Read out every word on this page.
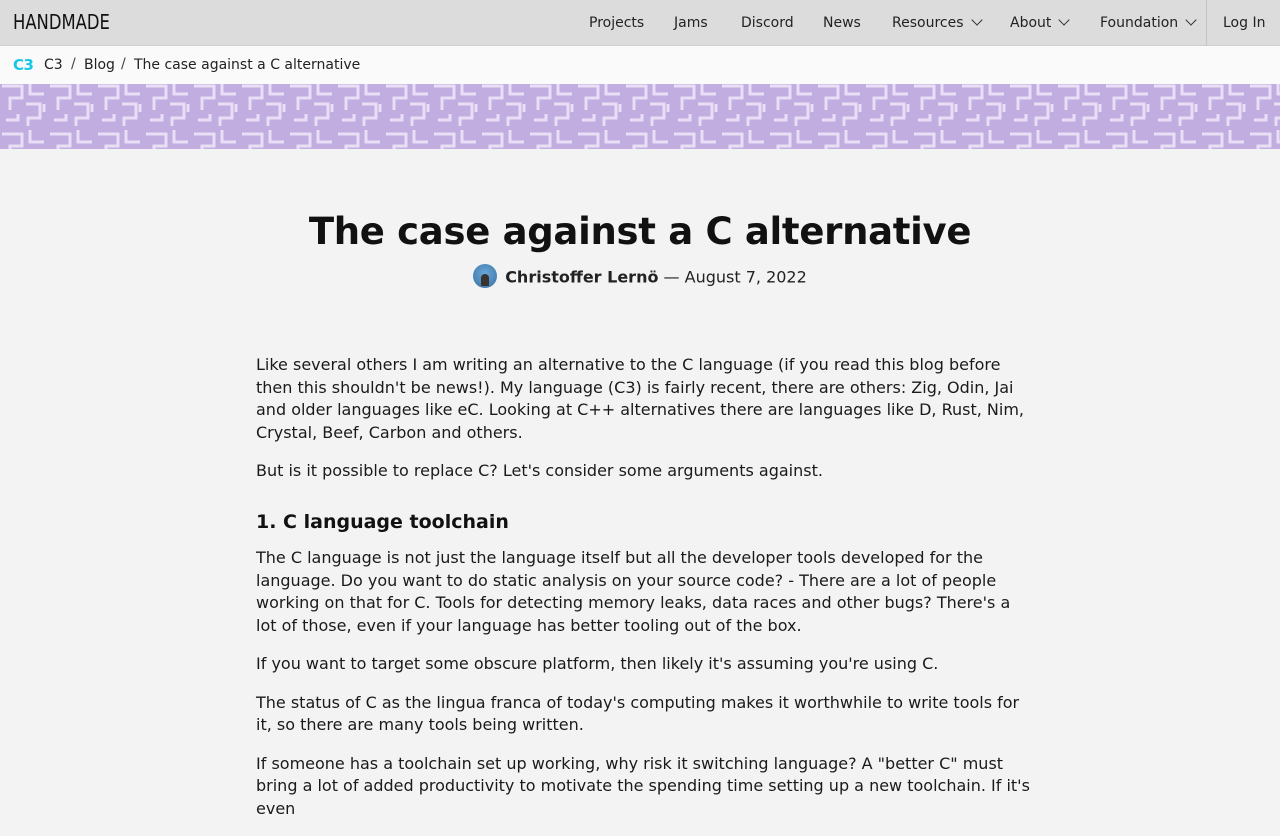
HANDMADE	Projects Jams Discord News Resources	About	Foundation	Log In
C3 C3 / Blog / The case against a C alternative
The case against a C alternative
Christoffer Lernö — August 7, 2022

Like several others I am writing an alternative to the C language (if you read this blog before then this shouldn't be news!). My language (C3) is fairly recent, there are others: Zig, Odin, Jai and older languages like eC. Looking at C++ alternatives there are languages like D, Rust, Nim, Crystal, Beef, Carbon and others.

But is it possible to replace C? Let's consider some arguments against.

1. C language toolchain

The C language is not just the language itself but all the developer tools developed for the language. Do you want to do static analysis on your source code? - There are a lot of people working on that for C. Tools for detecting memory leaks, data races and other bugs? There's a lot of those, even if your language has better tooling out of the box.

If you want to target some obscure platform, then likely it's assuming you're using C.

The status of C as the lingua franca of today's computing makes it worthwhile to write tools for it, so there are many tools being written.

If someone has a toolchain set up working, why risk it switching language? A "better C" must bring a lot of added productivity to motivate the spending time setting up a new toolchain. If it's even
